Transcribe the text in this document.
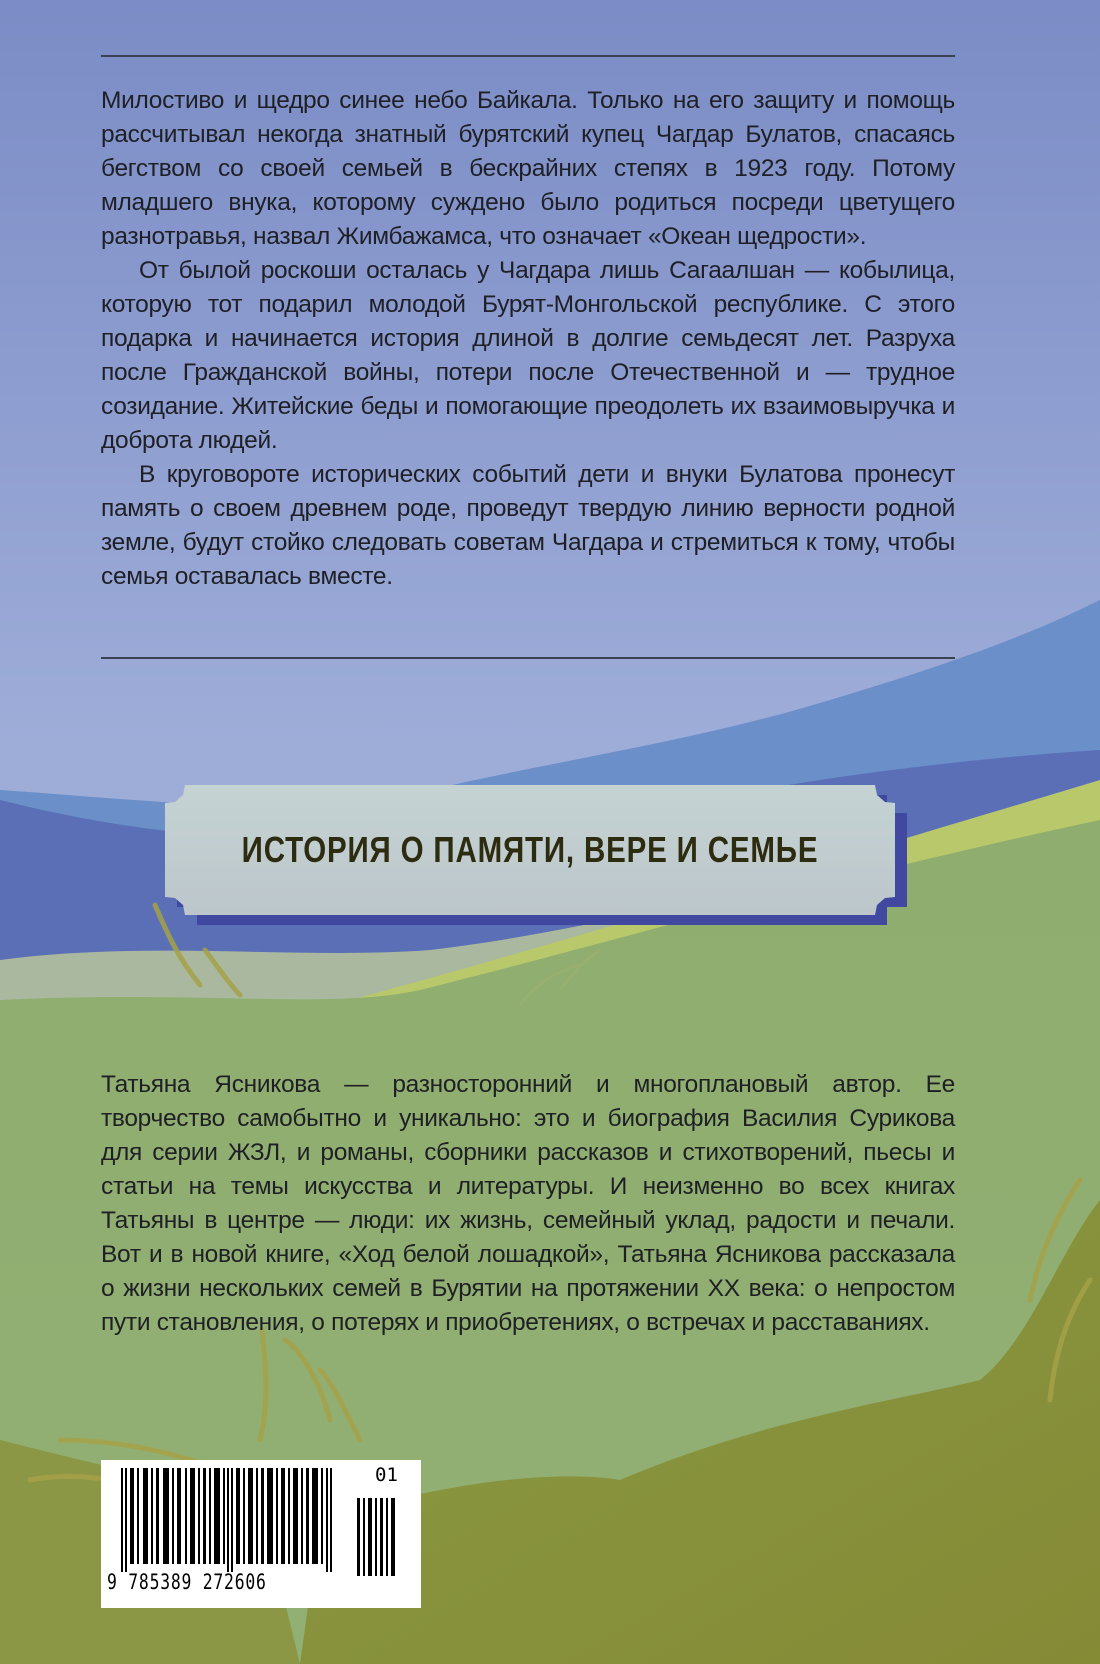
Милостиво и щедро синее небо Байкала. Только на его защиту и помощь рассчитывал некогда знатный бурятский купец Чагдар Булатов, спасаясь бегством со своей семьей в бескрайних степях в 1923 году. Потому младшего внука, которому суждено было родиться посреди цветущего разнотравья, назвал Жимбажамса, что означает «Океан щедрости».

От былой роскоши осталась у Чагдара лишь Сагаалшан — кобылица, которую тот подарил молодой Бурят-Монгольской республике. С этого подарка и начинается история длиной в долгие семьдесят лет. Разруха после Гражданской войны, потери после Отечественной и — трудное созидание. Житейские беды и помогающие преодолеть их взаимовыручка и доброта людей.

В круговороте исторических событий дети и внуки Булатова пронесут память о своем древнем роде, проведут твердую линию верности родной земле, будут стойко следовать советам Чагдара и стремиться к тому, чтобы семья оставалась вместе.

ИСТОРИЯ О ПАМЯТИ, ВЕРЕ И СЕМЬЕ

Татьяна Ясникова — разносторонний и многоплановый автор. Ее творчество самобытно и уникально: это и биография Василия Сурикова для серии ЖЗЛ, и романы, сборники рассказов и стихотворений, пьесы и статьи на темы искусства и литературы. И неизменно во всех книгах Татьяны в центре — люди: их жизнь, семейный уклад, радости и печали. Вот и в новой книге, «Ход белой лошадкой», Татьяна Ясникова рассказала о жизни нескольких семей в Бурятии на протяжении XX века: о непростом пути становления, о потерях и приобретениях, о встречах и расставаниях.

01
9 785389 272606
